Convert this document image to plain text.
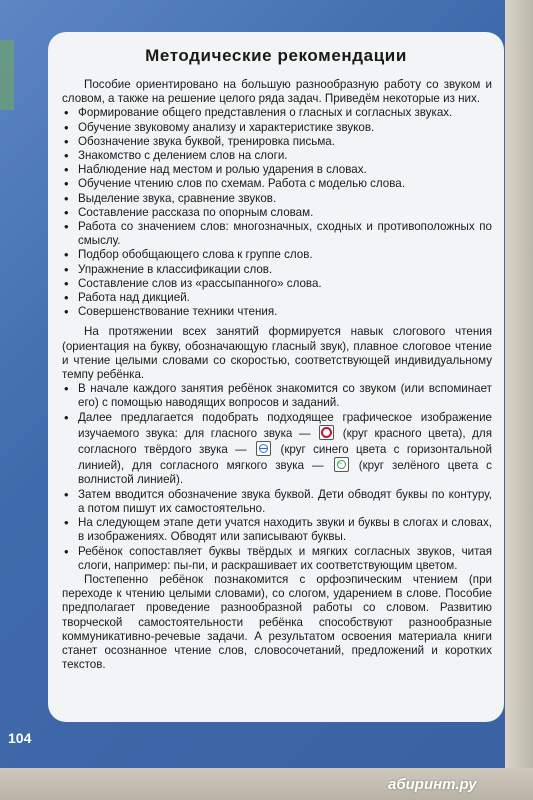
Методические рекомендации

Пособие ориентировано на большую разнообразную работу со звуком и словом, а также на решение целого ряда задач. Приведём некоторые из них.

• Формирование общего представления о гласных и согласных звуках.
• Обучение звуковому анализу и характеристике звуков.
• Обозначение звука буквой, тренировка письма.
• Знакомство с делением слов на слоги.
• Наблюдение над местом и ролью ударения в словах.
• Обучение чтению слов по схемам. Работа с моделью слова.
• Выделение звука, сравнение звуков.
• Составление рассказа по опорным словам.
• Работа со значением слов: многозначных, сходных и противоположных по смыслу.
• Подбор обобщающего слова к группе слов.
• Упражнение в классификации слов.
• Составление слов из «рассыпанного» слова.
• Работа над дикцией.
• Совершенствование техники чтения.

На протяжении всех занятий формируется навык слогового чтения (ориентация на букву, обозначающую гласный звук), плавное слоговое чтение и чтение целыми словами со скоростью, соответствующей индивидуальному темпу ребёнка.

• В начале каждого занятия ребёнок знакомится со звуком (или вспоминает его) с помощью наводящих вопросов и заданий.
• Далее предлагается подобрать подходящее графическое изображение изучаемого звука: для гласного звука —	(круг красного цвета), для согласного твёрдого звука —	(круг синего цвета с горизонтальной линией), для согласного мягкого звука —
~	(круг зелёного цвета с волнистой линией).
• Затем вводится обозначение звука буквой. Дети обводят буквы по контуру, а потом пишут их самостоятельно.
• На следующем этапе дети учатся находить звуки и буквы в слогах и словах, в изображениях. Обводят или записывают буквы.
• Ребёнок сопоставляет буквы твёрдых и мягких согласных звуков, читая слоги, например: пы-пи, и раскрашивает их соответствующим цветом.

Постепенно ребёнок познакомится с орфоэпическим чтением (при переходе к чтению целыми словами), со слогом, ударением в слове. Пособие предполагает проведение разнообразной работы со словом. Развитию творческой самостоятельности ребёнка способствуют разнообразные коммуникативно-речевые задачи. А результатом освоения материала книги станет осознанное чтение слов, словосочетаний, предложений и коротких текстов.

104
абиринт.ру
